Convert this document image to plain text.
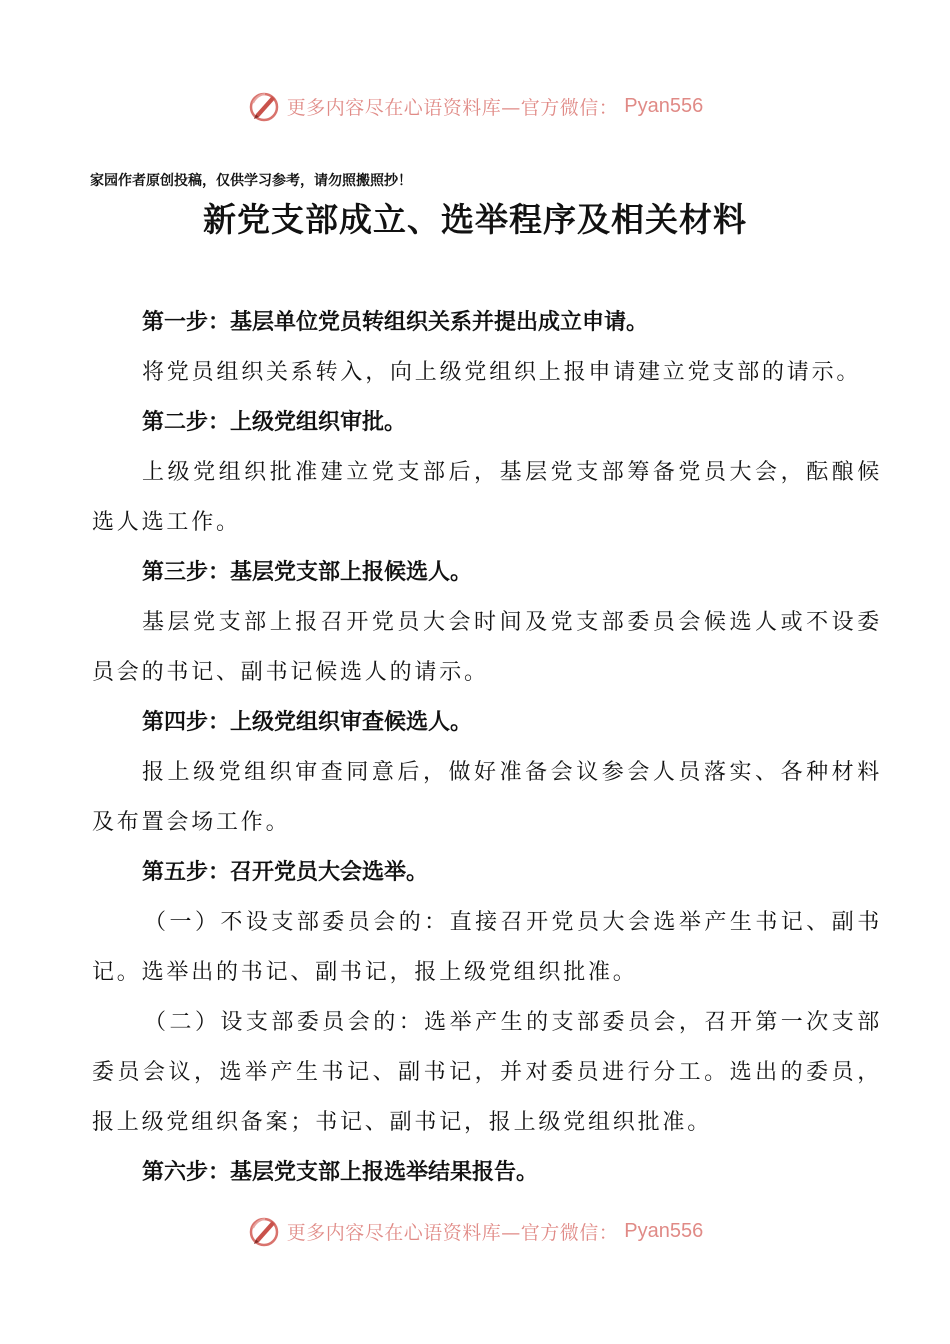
更多内容尽在心语资料库—官方微信： Pyan556
家园作者原创投稿，仅供学习参考，请勿照搬照抄！
新党支部成立、选举程序及相关材料
第一步：基层单位党员转组织关系并提出成立申请。
将党员组织关系转入，向上级党组织上报申请建立党支部的请示。
第二步：上级党组织审批。
上级党组织批准建立党支部后，基层党支部筹备党员大会，酝酿候
选人选工作。
第三步：基层党支部上报候选人。
基层党支部上报召开党员大会时间及党支部委员会候选人或不设委
员会的书记、副书记候选人的请示。
第四步：上级党组织审查候选人。
报上级党组织审查同意后，做好准备会议参会人员落实、各种材料
及布置会场工作。
第五步：召开党员大会选举。
（一）不设支部委员会的：直接召开党员大会选举产生书记、副书
记。选举出的书记、副书记，报上级党组织批准。
（二）设支部委员会的：选举产生的支部委员会，召开第一次支部
委员会议，选举产生书记、副书记，并对委员进行分工。选出的委员，
报上级党组织备案；书记、副书记，报上级党组织批准。
第六步：基层党支部上报选举结果报告。
更多内容尽在心语资料库—官方微信： Pyan556
